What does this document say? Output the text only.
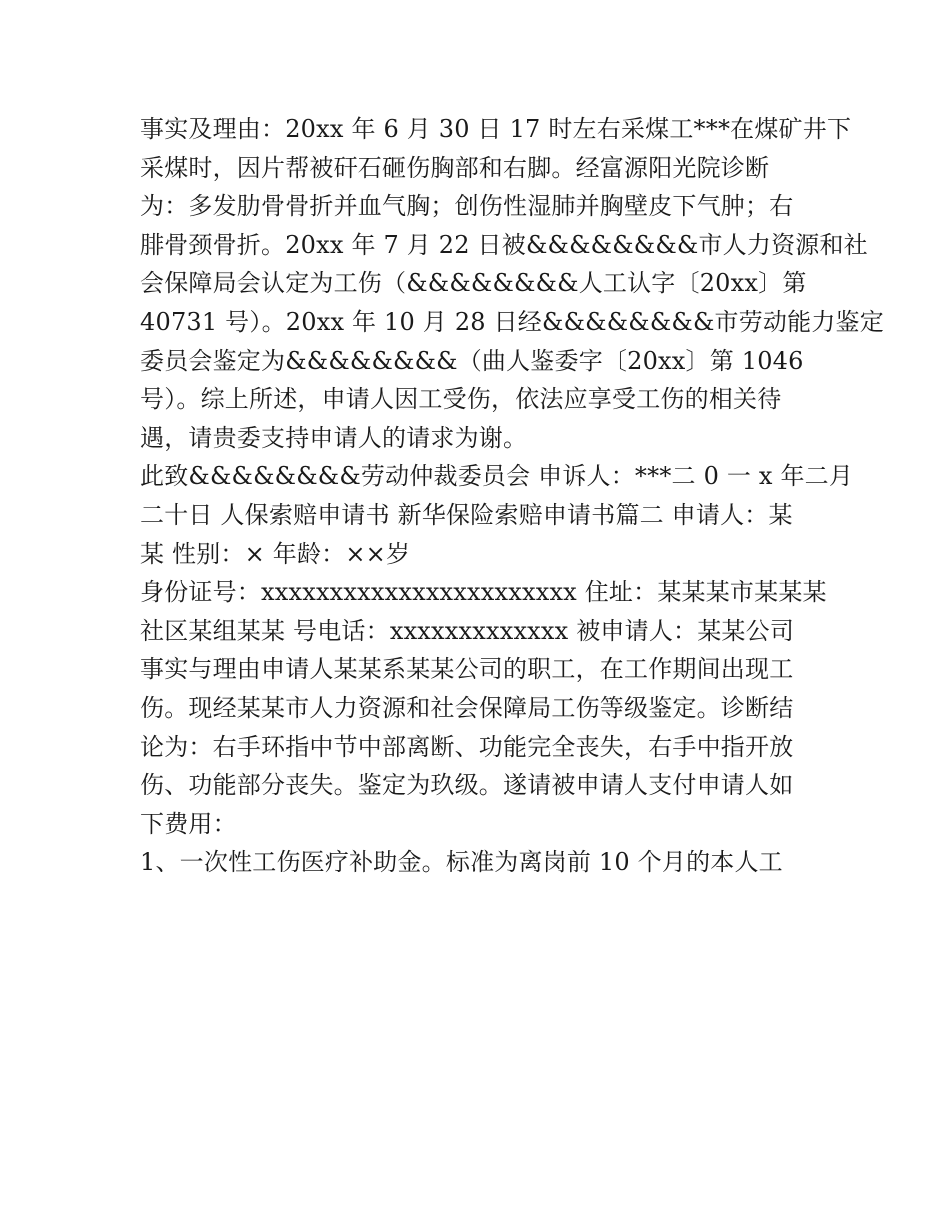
事实及理由：20xx 年 6 月 30 日 17 时左右采煤工***在煤矿井下
采煤时，因片帮被矸石砸伤胸部和右脚。经富源阳光院诊断
为：多发肋骨骨折并血气胸；创伤性湿肺并胸壁皮下气肿；右
腓骨颈骨折。20xx 年 7 月 22 日被&&&&&&&&市人力资源和社
会保障局会认定为工伤（&&&&&&&&人工认字〔20xx〕第
40731 号）。20xx 年 10 月 28 日经&&&&&&&&市劳动能力鉴定
委员会鉴定为&&&&&&&&（曲人鉴委字〔20xx〕第 1046
号）。综上所述，申请人因工受伤，依法应享受工伤的相关待
遇，请贵委支持申请人的请求为谢。
此致&&&&&&&&劳动仲裁委员会 申诉人：***二 0 一 x 年二月
二十日 人保索赔申请书 新华保险索赔申请书篇二 申请人：某
某 性别：× 年龄：××岁
身份证号：xxxxxxxxxxxxxxxxxxxxxxx 住址：某某某市某某某
社区某组某某 号电话：xxxxxxxxxxxxx 被申请人：某某公司
事实与理由申请人某某系某某公司的职工，在工作期间出现工
伤。现经某某市人力资源和社会保障局工伤等级鉴定。诊断结
论为：右手环指中节中部离断、功能完全丧失，右手中指开放
伤、功能部分丧失。鉴定为玖级。遂请被申请人支付申请人如
下费用：
1、一次性工伤医疗补助金。标准为离岗前 10 个月的本人工
